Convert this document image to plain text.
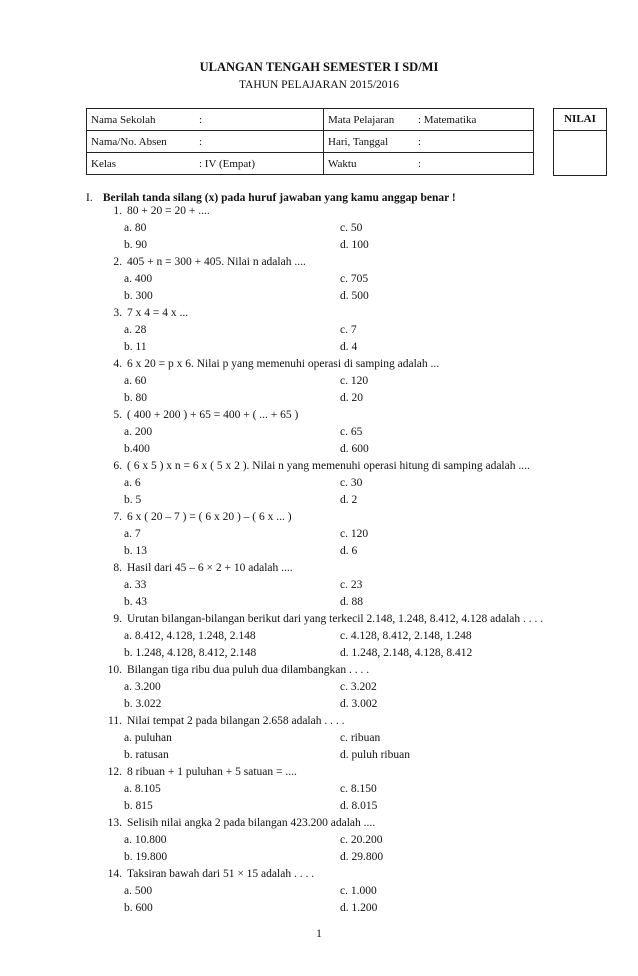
ULANGAN TENGAH SEMESTER I SD/MI
TAHUN PELAJARAN 2015/2016
Nama Sekolah	:	Mata Pelajaran	: Matematika
Nama/No. Absen	:	Hari, Tanggal	:
Kelas	: IV (Empat)	Waktu	:
NILAI
I. Berilah tanda silang (x) pada huruf jawaban yang kamu anggap benar !
1. 80 + 20 = 20 + ....
a. 80	c. 50
b. 90	d. 100
2. 405 + n = 300 + 405. Nilai n adalah ....
a. 400	c. 705
b. 300	d. 500
3. 7 x 4 = 4 x ...
a. 28	c. 7
b. 11	d. 4
4. 6 x 20 = p x 6. Nilai p yang memenuhi operasi di samping adalah ...
a. 60	c. 120
b. 80	d. 20
5. ( 400 + 200 ) + 65 = 400 + ( ... + 65 )
a. 200	c. 65
b.400	d. 600
6. ( 6 x 5 ) x n = 6 x ( 5 x 2 ). Nilai n yang memenuhi operasi hitung di samping adalah ....
a. 6	c. 30
b. 5	d. 2
7. 6 x ( 20 – 7 ) = ( 6 x 20 ) – ( 6 x ... )
a. 7	c. 120
b. 13	d. 6
8. Hasil dari 45 – 6 × 2 + 10 adalah ....
a. 33	c. 23
b. 43	d. 88
9. Urutan bilangan-bilangan berikut dari yang terkecil 2.148, 1.248, 8.412, 4.128 adalah . . . .
a. 8.412, 4.128, 1.248, 2.148	c. 4.128, 8.412, 2.148, 1.248
b. 1.248, 4.128, 8.412, 2.148	d. 1.248, 2.148, 4.128, 8.412
10. Bilangan tiga ribu dua puluh dua dilambangkan . . . .
a. 3.200	c. 3.202
b. 3.022	d. 3.002
11. Nilai tempat 2 pada bilangan 2.658 adalah . . . .
a. puluhan	c. ribuan
b. ratusan	d. puluh ribuan
12. 8 ribuan + 1 puluhan + 5 satuan = ....
a. 8.105	c. 8.150
b. 815	d. 8.015
13. Selisih nilai angka 2 pada bilangan 423.200 adalah ....
a. 10.800	c. 20.200
b. 19.800	d. 29.800
14. Taksiran bawah dari 51 × 15 adalah . . . .
a. 500	c. 1.000
b. 600	d. 1.200
1
